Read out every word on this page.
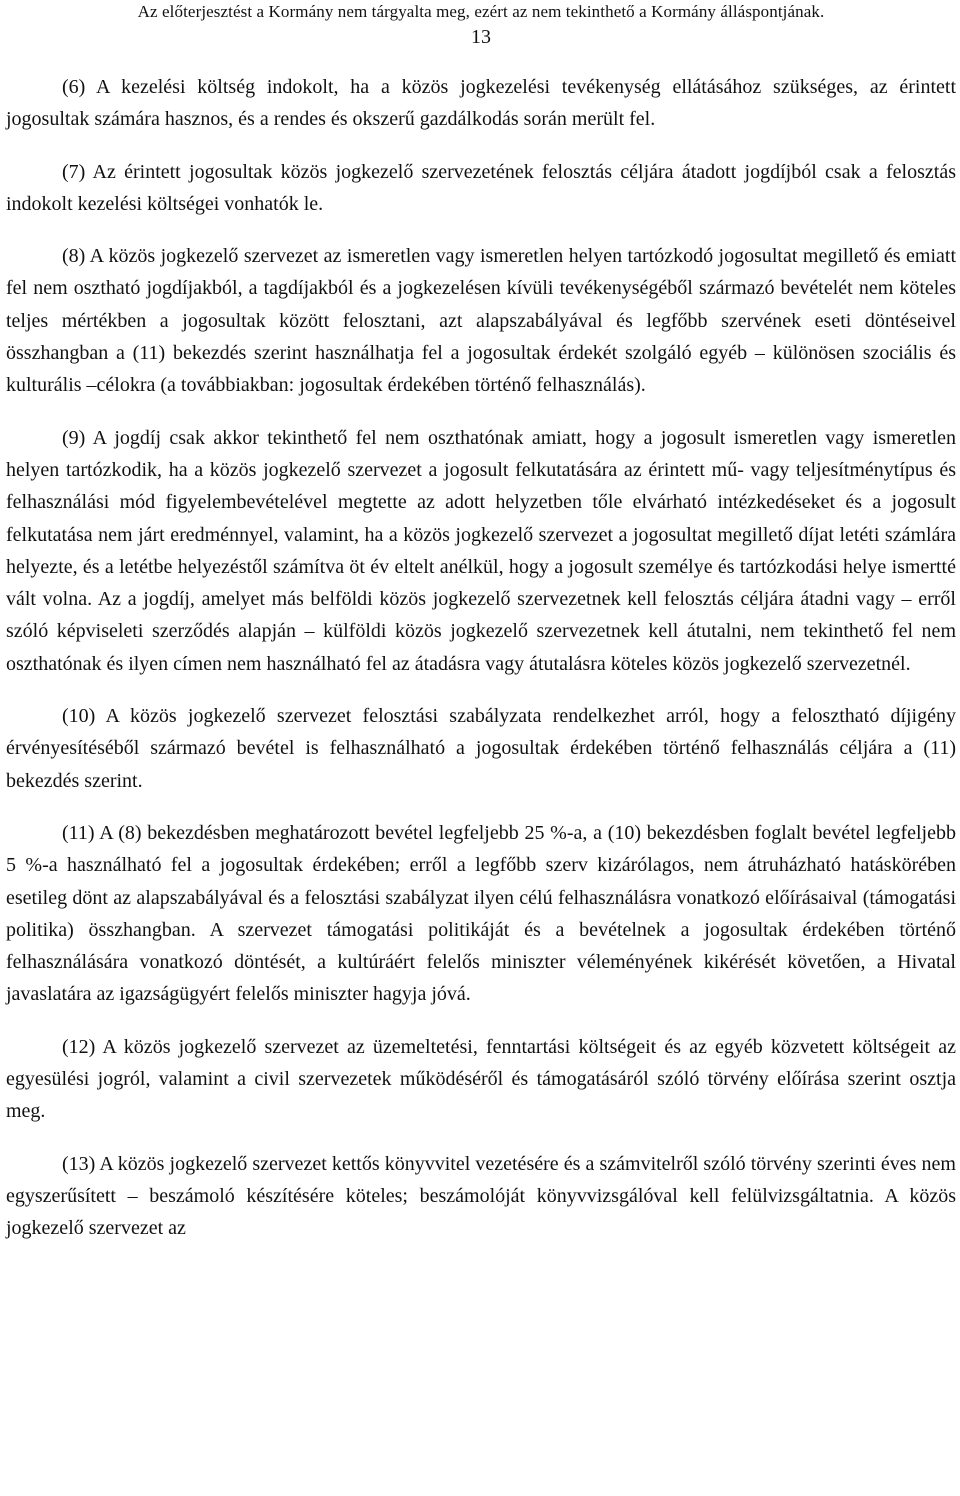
Az előterjesztést a Kormány nem tárgyalta meg, ezért az nem tekinthető a Kormány álláspontjának.
13

(6) A kezelési költség indokolt, ha a közös jogkezelési tevékenység ellátásához szükséges, az érintett jogosultak számára hasznos, és a rendes és okszerű gazdálkodás során merült fel.

(7) Az érintett jogosultak közös jogkezelő szervezetének felosztás céljára átadott jogdíjból csak a felosztás indokolt kezelési költségei vonhatók le.

(8) A közös jogkezelő szervezet az ismeretlen vagy ismeretlen helyen tartózkodó jogosultat megillető és emiatt fel nem osztható jogdíjakból, a tagdíjakból és a jogkezelésen kívüli tevékenységéből származó bevételét nem köteles teljes mértékben a jogosultak között felosztani, azt alapszabályával és legfőbb szervének eseti döntéseivel összhangban a (11) bekezdés szerint használhatja fel a jogosultak érdekét szolgáló egyéb – különösen szociális és kulturális –célokra (a továbbiakban: jogosultak érdekében történő felhasználás).

(9) A jogdíj csak akkor tekinthető fel nem oszthatónak amiatt, hogy a jogosult ismeretlen vagy ismeretlen helyen tartózkodik, ha a közös jogkezelő szervezet a jogosult felkutatására az érintett mű- vagy teljesítménytípus és felhasználási mód figyelembevételével megtette az adott helyzetben tőle elvárható intézkedéseket és a jogosult felkutatása nem járt eredménnyel, valamint, ha a közös jogkezelő szervezet a jogosultat megillető díjat letéti számlára helyezte, és a letétbe helyezéstől számítva öt év eltelt anélkül, hogy a jogosult személye és tartózkodási helye ismertté vált volna. Az a jogdíj, amelyet más belföldi közös jogkezelő szervezetnek kell felosztás céljára átadni vagy – erről szóló képviseleti szerződés alapján – külföldi közös jogkezelő szervezetnek kell átutalni, nem tekinthető fel nem oszthatónak és ilyen címen nem használható fel az átadásra vagy átutalásra köteles közös jogkezelő szervezetnél.

(10) A közös jogkezelő szervezet felosztási szabályzata rendelkezhet arról, hogy a felosztható díjigény érvényesítéséből származó bevétel is felhasználható a jogosultak érdekében történő felhasználás céljára a (11) bekezdés szerint.

(11) A (8) bekezdésben meghatározott bevétel legfeljebb 25 %-a, a (10) bekezdésben foglalt bevétel legfeljebb 5 %-a használható fel a jogosultak érdekében; erről a legfőbb szerv kizárólagos, nem átruházható hatáskörében esetileg dönt az alapszabályával és a felosztási szabályzat ilyen célú felhasználásra vonatkozó előírásaival (támogatási politika) összhangban. A szervezet támogatási politikáját és a bevételnek a jogosultak érdekében történő felhasználására vonatkozó döntését, a kultúráért felelős miniszter véleményének kikérését követően, a Hivatal javaslatára az igazságügyért felelős miniszter hagyja jóvá.

(12) A közös jogkezelő szervezet az üzemeltetési, fenntartási költségeit és az egyéb közvetett költségeit az egyesülési jogról, valamint a civil szervezetek működéséről és támogatásáról szóló törvény előírása szerint osztja meg.

(13) A közös jogkezelő szervezet kettős könyvvitel vezetésére és a számvitelről szóló törvény szerinti éves nem egyszerűsített – beszámoló készítésére köteles; beszámolóját könyvvizsgálóval kell felülvizsgáltatnia. A közös jogkezelő szervezet az
